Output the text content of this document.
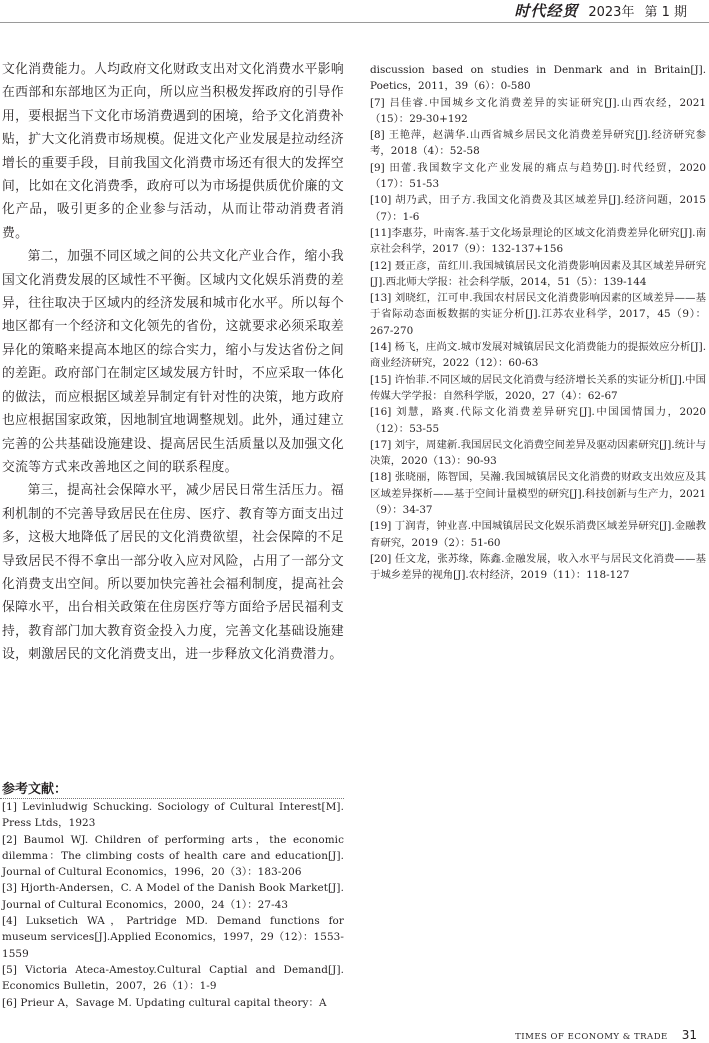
时代经贸 2023年 第 1 期

文化消费能力。人均政府文化财政支出对文化消费水平影响在西部和东部地区为正向，所以应当积极发挥政府的引导作用，要根据当下文化市场消费遇到的困境，给予文化消费补贴，扩大文化消费市场规模。促进文化产业发展是拉动经济增长的重要手段，目前我国文化消费市场还有很大的发挥空间，比如在文化消费季，政府可以为市场提供质优价廉的文化产品，吸引更多的企业参与活动，从而让带动消费者消费。

第二，加强不同区域之间的公共文化产业合作，缩小我国文化消费发展的区域性不平衡。区域内文化娱乐消费的差异，往往取决于区域内的经济发展和城市化水平。所以每个地区都有一个经济和文化领先的省份，这就要求必须采取差异化的策略来提高本地区的综合实力，缩小与发达省份之间的差距。政府部门在制定区域发展方针时，不应采取一体化的做法，而应根据区域差异制定有针对性的决策，地方政府也应根据国家政策，因地制宜地调整规划。此外，通过建立完善的公共基础设施建设、提高居民生活质量以及加强文化交流等方式来改善地区之间的联系程度。

第三，提高社会保障水平，减少居民日常生活压力。福利机制的不完善导致居民在住房、医疗、教育等方面支出过多，这极大地降低了居民的文化消费欲望，社会保障的不足导致居民不得不拿出一部分收入应对风险，占用了一部分文化消费支出空间。所以要加快完善社会福利制度，提高社会保障水平，出台相关政策在住房医疗等方面给予居民福利支持，教育部门加大教育资金投入力度，完善文化基础设施建设，刺激居民的文化消费支出，进一步释放文化消费潜力。

参考文献：

[1] Levinludwig Schucking. Sociology of Cultural Interest[M]. Press Ltds，1923

[2] Baumol WJ. Children of performing arts，the economic dilemma：The climbing costs of health care and education[J]. Journal of Cultural Economics，1996，20（3）：183-206

[3] Hjorth-Andersen，C. A Model of the Danish Book Market[J]. Journal of Cultural Economics，2000，24（1）：27-43

[4] Luksetich WA，Partridge MD. Demand functions for museum services[J].Applied Economics，1997，29（12）：1553-1559

[5] Victoria Ateca-Amestoy.Cultural Captial and Demand[J]. Economics Bulletin，2007，26（1）：1-9

[6] Prieur A，Savage M. Updating cultural capital theory：A

discussion based on studies in Denmark and in Britain[J]. Poetics，2011，39（6）：0-580

[7] 吕佳睿.中国城乡文化消费差异的实证研究[J].山西农经，2021（15）：29-30+192

[8] 王艳萍，赵满华.山西省城乡居民文化消费差异研究[J].经济研究参考，2018（4）：52-58

[9] 田蕾.我国数字文化产业发展的痛点与趋势[J].时代经贸，2020（17）：51-53

[10] 胡乃武，田子方.我国文化消费及其区域差异[J].经济问题，2015（7）：1-6

[11]李惠芬，叶南客.基于文化场景理论的区域文化消费差异化研究[J].南京社会科学，2017（9）：132-137+156

[12] 聂正彦，苗红川.我国城镇居民文化消费影响因素及其区域差异研究[J].西北师大学报：社会科学版，2014，51（5）：139-144

[13] 刘晓红，江可申.我国农村居民文化消费影响因素的区域差异——基于省际动态面板数据的实证分析[J].江苏农业科学，2017，45（9）：267-270

[14] 杨飞，庄尚文.城市发展对城镇居民文化消费能力的提振效应分析[J].商业经济研究，2022（12）：60-63

[15] 许怡菲.不同区域的居民文化消费与经济增长关系的实证分析[J].中国传媒大学学报：自然科学版，2020，27（4）：62-67

[16] 刘慧，路爽.代际文化消费差异研究[J].中国国情国力，2020（12）：53-55

[17] 刘宇，周建新.我国居民文化消费空间差异及驱动因素研究[J].统计与决策，2020（13）：90-93

[18] 张晓丽，陈智国，吴瀚.我国城镇居民文化消费的财政支出效应及其区域差异探析——基于空间计量模型的研究[J].科技创新与生产力，2021（9）：34-37

[19] 丁润青，钟业喜.中国城镇居民文化娱乐消费区域差异研究[J].金融教育研究，2019（2）：51-60

[20] 任文龙，张苏缘，陈鑫.金融发展，收入水平与居民文化消费——基于城乡差异的视角[J].农村经济，2019（11）：118-127

TIMES OF ECONOMY & TRADE 31
